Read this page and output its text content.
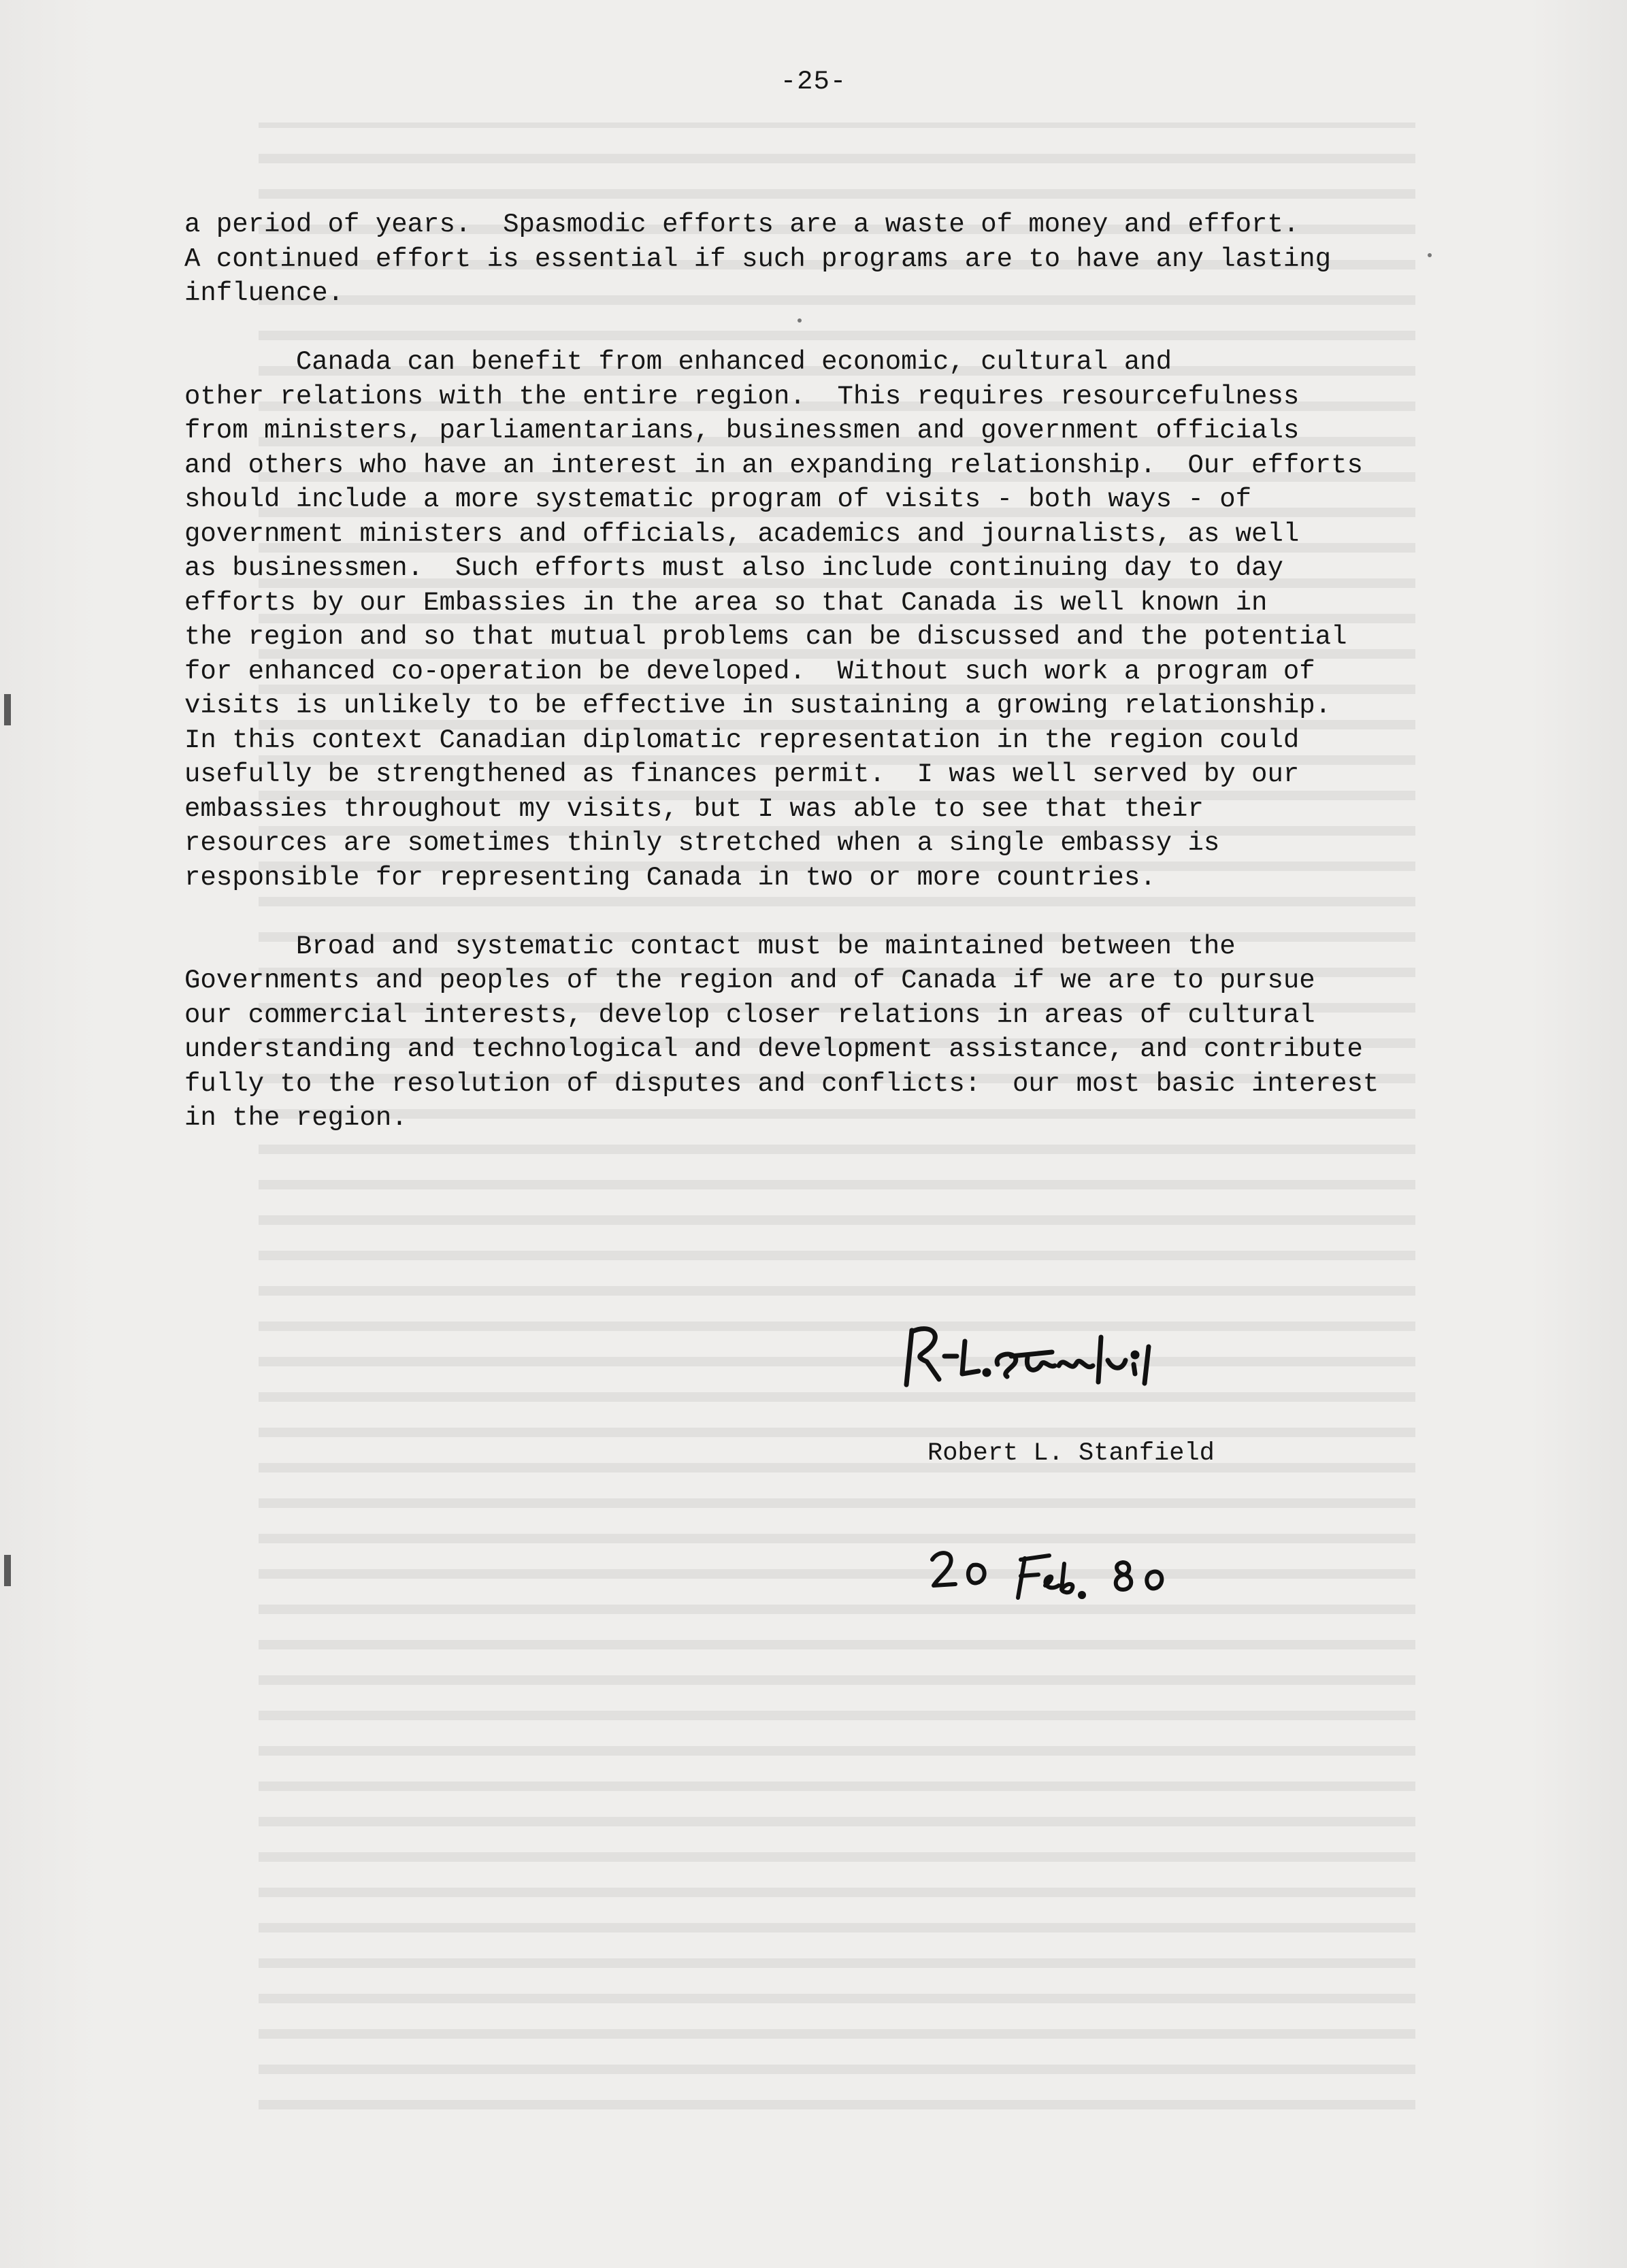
-25-
a period of years.  Spasmodic efforts are a waste of money and effort.
A continued effort is essential if such programs are to have any lasting
influence.
Canada can benefit from enhanced economic, cultural and
other relations with the entire region.  This requires resourcefulness
from ministers, parliamentarians, businessmen and government officials
and others who have an interest in an expanding relationship.  Our efforts
should include a more systematic program of visits - both ways - of
government ministers and officials, academics and journalists, as well
as businessmen.  Such efforts must also include continuing day to day
efforts by our Embassies in the area so that Canada is well known in
the region and so that mutual problems can be discussed and the potential
for enhanced co-operation be developed.  Without such work a program of
visits is unlikely to be effective in sustaining a growing relationship.
In this context Canadian diplomatic representation in the region could
usefully be strengthened as finances permit.  I was well served by our
embassies throughout my visits, but I was able to see that their
resources are sometimes thinly stretched when a single embassy is
responsible for representing Canada in two or more countries.
Broad and systematic contact must be maintained between the
Governments and peoples of the region and of Canada if we are to pursue
our commercial interests, develop closer relations in areas of cultural
understanding and technological and development assistance, and contribute
fully to the resolution of disputes and conflicts:  our most basic interest
in the region.
Robert L. Stanfield
